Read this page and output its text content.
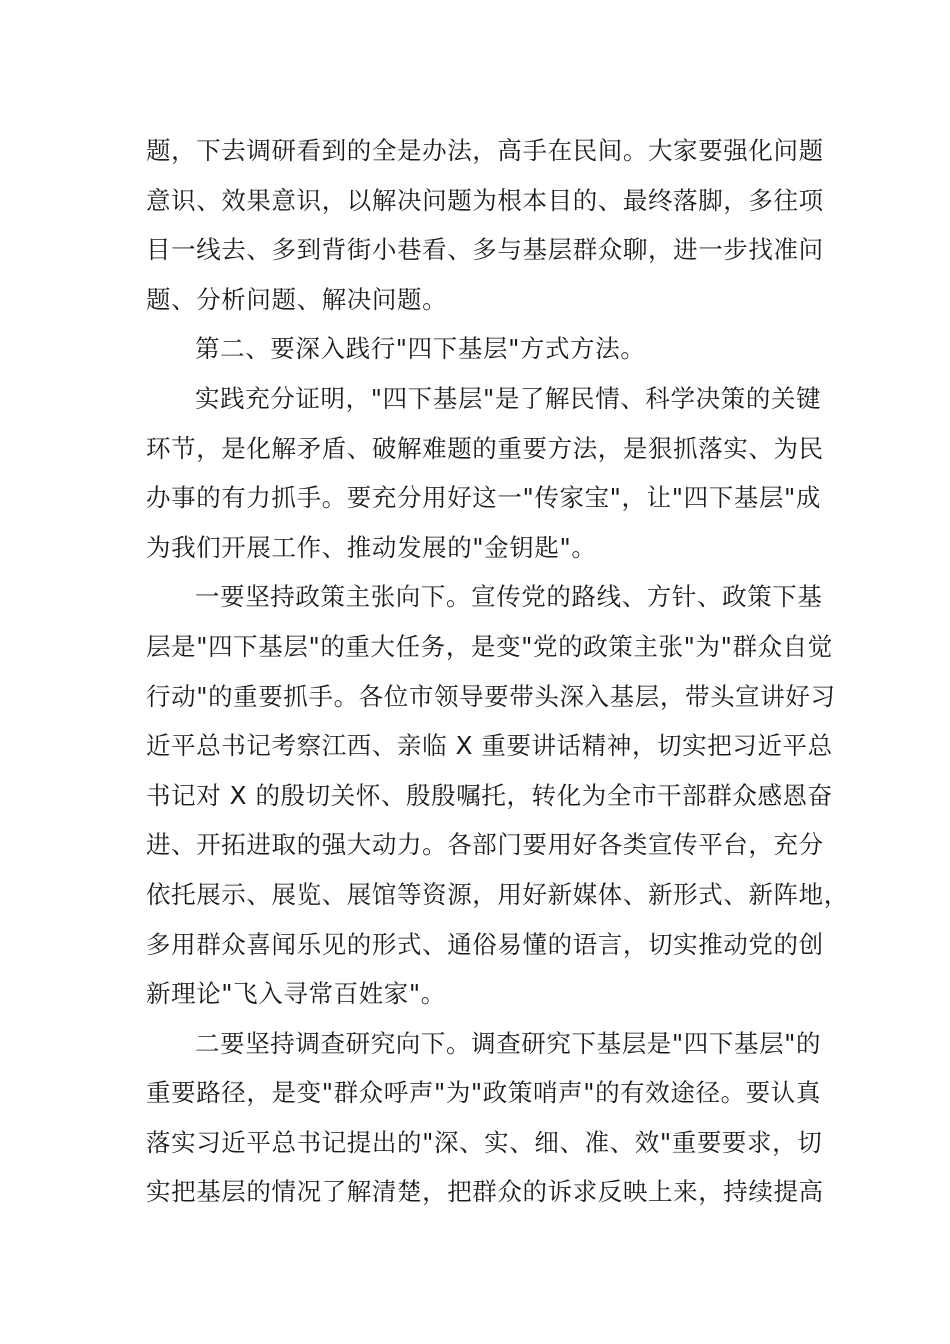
题，下去调研看到的全是办法，高手在民间。大家要强化问题
意识、效果意识，以解决问题为根本目的、最终落脚，多往项
目一线去、多到背街小巷看、多与基层群众聊，进一步找准问
题、分析问题、解决问题。
第二、要深入践行"四下基层"方式方法。
实践充分证明，"四下基层"是了解民情、科学决策的关键
环节，是化解矛盾、破解难题的重要方法，是狠抓落实、为民
办事的有力抓手。要充分用好这一"传家宝"，让"四下基层"成
为我们开展工作、推动发展的"金钥匙"。
一要坚持政策主张向下。宣传党的路线、方针、政策下基
层是"四下基层"的重大任务，是变"党的政策主张"为"群众自觉
行动"的重要抓手。各位市领导要带头深入基层，带头宣讲好习
近平总书记考察江西、亲临 X 重要讲话精神，切实把习近平总
书记对 X 的殷切关怀、殷殷嘱托，转化为全市干部群众感恩奋
进、开拓进取的强大动力。各部门要用好各类宣传平台，充分
依托展示、展览、展馆等资源，用好新媒体、新形式、新阵地，
多用群众喜闻乐见的形式、通俗易懂的语言，切实推动党的创
新理论"飞入寻常百姓家"。
二要坚持调查研究向下。调查研究下基层是"四下基层"的
重要路径，是变"群众呼声"为"政策哨声"的有效途径。要认真
落实习近平总书记提出的"深、实、细、准、效"重要要求，切
实把基层的情况了解清楚，把群众的诉求反映上来，持续提高
